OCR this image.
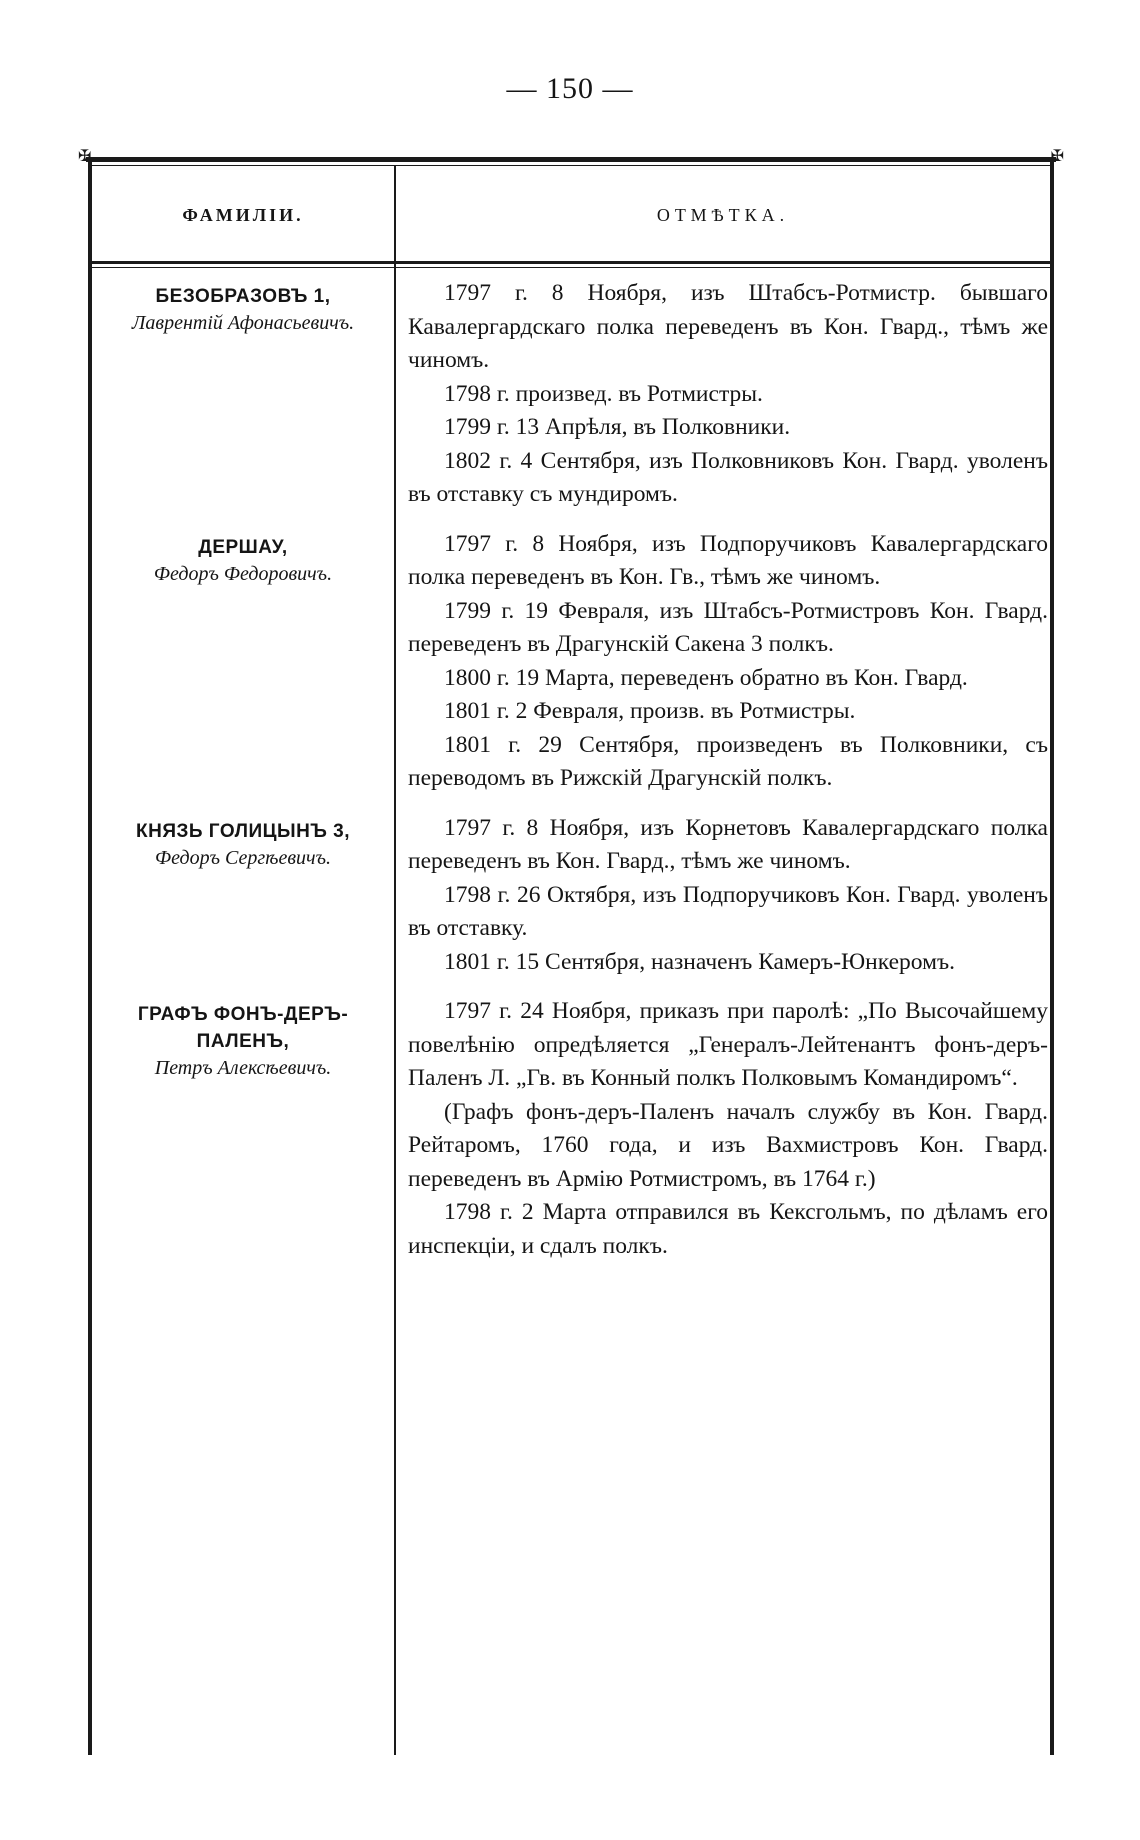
— 150 —
✠	✠
ФАМИЛІИ.	ОТМѢТКА.
БЕЗОБРАЗОВЪ 1,
Лаврентій Афонасьевичъ.

1797 г. 8 Ноября, изъ Штабсъ-Ротмистр. бывшаго Кавалергардскаго полка переведенъ въ Кон. Гвард., тѣмъ же чиномъ.

1798 г. произвед. въ Ротмистры.

1799 г. 13 Апрѣля, въ Полковники.

1802 г. 4 Сентября, изъ Полковниковъ Кон. Гвард. уволенъ въ отставку съ мундиромъ.

ДЕРШАУ,
Федоръ Федоровичъ.

1797 г. 8 Ноября, изъ Подпоручиковъ Кавалергардскаго полка переведенъ въ Кон. Гв., тѣмъ же чиномъ.

1799 г. 19 Февраля, изъ Штабсъ-Ротмистровъ Кон. Гвард. переведенъ въ Драгунскій Сакена 3 полкъ.

1800 г. 19 Марта, переведенъ обратно въ Кон. Гвард.

1801 г. 2 Февраля, произв. въ Ротмистры.

1801 г. 29 Сентября, произведенъ въ Полковники, съ переводомъ въ Рижскій Драгунскій полкъ.

КНЯЗЬ ГОЛИЦЫНЪ 3,
Федоръ Сергѣевичъ.

1797 г. 8 Ноября, изъ Корнетовъ Кавалергардскаго полка переведенъ въ Кон. Гвард., тѣмъ же чиномъ.

1798 г. 26 Октября, изъ Подпоручиковъ Кон. Гвард. уволенъ въ отставку.

1801 г. 15 Сентября, назначенъ Камеръ-Юнкеромъ.

ГРАФЪ ФОНЪ-ДЕРЪ-ПАЛЕНЪ,
Петръ Алексѣевичъ.

1797 г. 24 Ноября, приказъ при паролѣ: „По Высочайшему повелѣнію опредѣляется „Генералъ-Лейтенантъ фонъ-деръ-Паленъ Л. „Гв. въ Конный полкъ Полковымъ Командиромъ“.

(Графъ фонъ-деръ-Паленъ началъ службу въ Кон. Гвард. Рейтаромъ, 1760 года, и изъ Вахмистровъ Кон. Гвард. переведенъ въ Армію Ротмистромъ, въ 1764 г.)

1798 г. 2 Марта отправился въ Кексгольмъ, по дѣламъ его инспекціи, и сдалъ полкъ.
